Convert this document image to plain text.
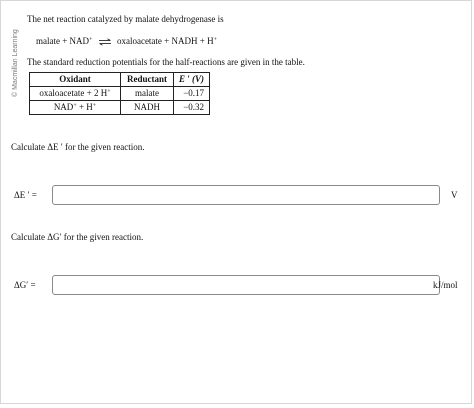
© Macmillan Learning
The net reaction catalyzed by malate dehydrogenase is
malate + NAD+ ⇌ oxaloacetate + NADH + H+
The standard reduction potentials for the half-reactions are given in the table.
Oxidant	Reductant	E ′ (V)
oxaloacetate + 2 H+	malate	−0.17
NAD+ + H+	NADH	−0.32
Calculate ΔE ′ for the given reaction.
ΔE ′ =	V
Calculate ΔG′ for the given reaction.
ΔG′ =	kJ/mol
